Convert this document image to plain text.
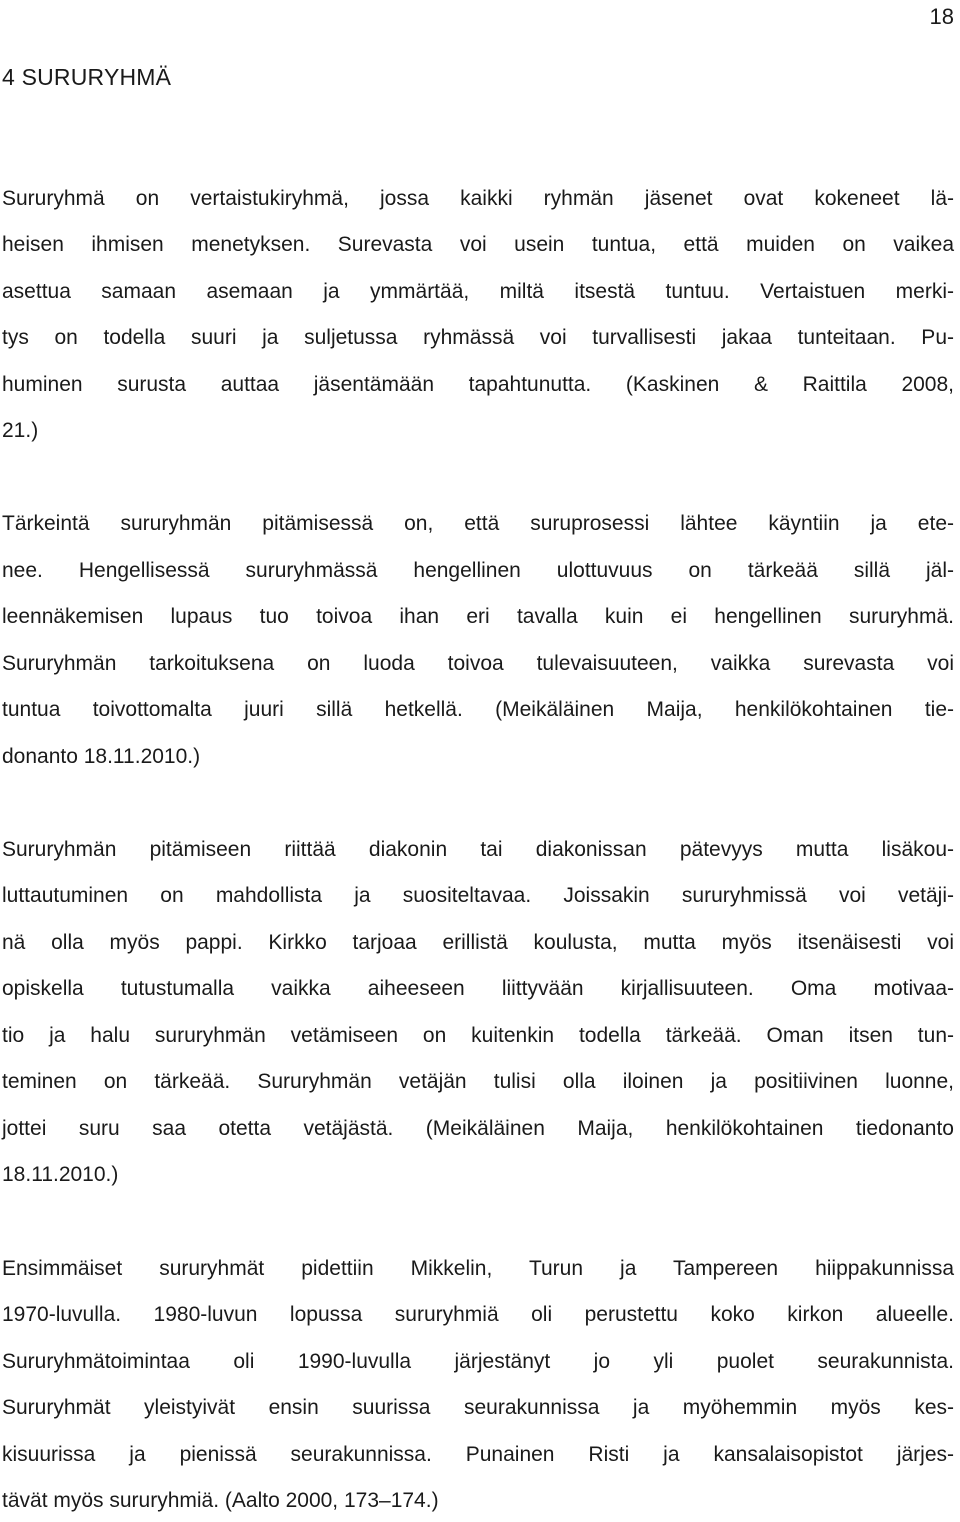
18
4 SURURYHMÄ

Sururyhmä on vertaistukiryhmä, jossa kaikki ryhmän jäsenet ovat kokeneet lä-

heisen ihmisen menetyksen. Surevasta voi usein tuntua, että muiden on vaikea

asettua samaan asemaan ja ymmärtää, miltä itsestä tuntuu. Vertaistuen merki-

tys on todella suuri ja suljetussa ryhmässä voi turvallisesti jakaa tunteitaan. Pu-

huminen surusta auttaa jäsentämään tapahtunutta. (Kaskinen & Raittila 2008,

21.)

Tärkeintä sururyhmän pitämisessä on, että suruprosessi lähtee käyntiin ja ete-

nee. Hengellisessä sururyhmässä hengellinen ulottuvuus on tärkeää sillä jäl-

leennäkemisen lupaus tuo toivoa ihan eri tavalla kuin ei hengellinen sururyhmä.

Sururyhmän tarkoituksena on luoda toivoa tulevaisuuteen, vaikka surevasta voi

tuntua toivottomalta juuri sillä hetkellä. (Meikäläinen Maija, henkilökohtainen tie-

donanto 18.11.2010.)

Sururyhmän pitämiseen riittää diakonin tai diakonissan pätevyys mutta lisäkou-

luttautuminen on mahdollista ja suositeltavaa. Joissakin sururyhmissä voi vetäji-

nä olla myös pappi. Kirkko tarjoaa erillistä koulusta, mutta myös itsenäisesti voi

opiskella tutustumalla vaikka aiheeseen liittyvään kirjallisuuteen. Oma motivaa-

tio ja halu sururyhmän vetämiseen on kuitenkin todella tärkeää. Oman itsen tun-

teminen on tärkeää. Sururyhmän vetäjän tulisi olla iloinen ja positiivinen luonne,

jottei suru saa otetta vetäjästä. (Meikäläinen Maija, henkilökohtainen tiedonanto

18.11.2010.)

Ensimmäiset sururyhmät pidettiin Mikkelin, Turun ja Tampereen hiippakunnissa

1970-luvulla. 1980-luvun lopussa sururyhmiä oli perustettu koko kirkon alueelle.

Sururyhmätoimintaa oli 1990-luvulla järjestänyt jo yli puolet seurakunnista.

Sururyhmät yleistyivät ensin suurissa seurakunnissa ja myöhemmin myös kes-

kisuurissa ja pienissä seurakunnissa. Punainen Risti ja kansalaisopistot järjes-

tävät myös sururyhmiä. (Aalto 2000, 173–174.)
